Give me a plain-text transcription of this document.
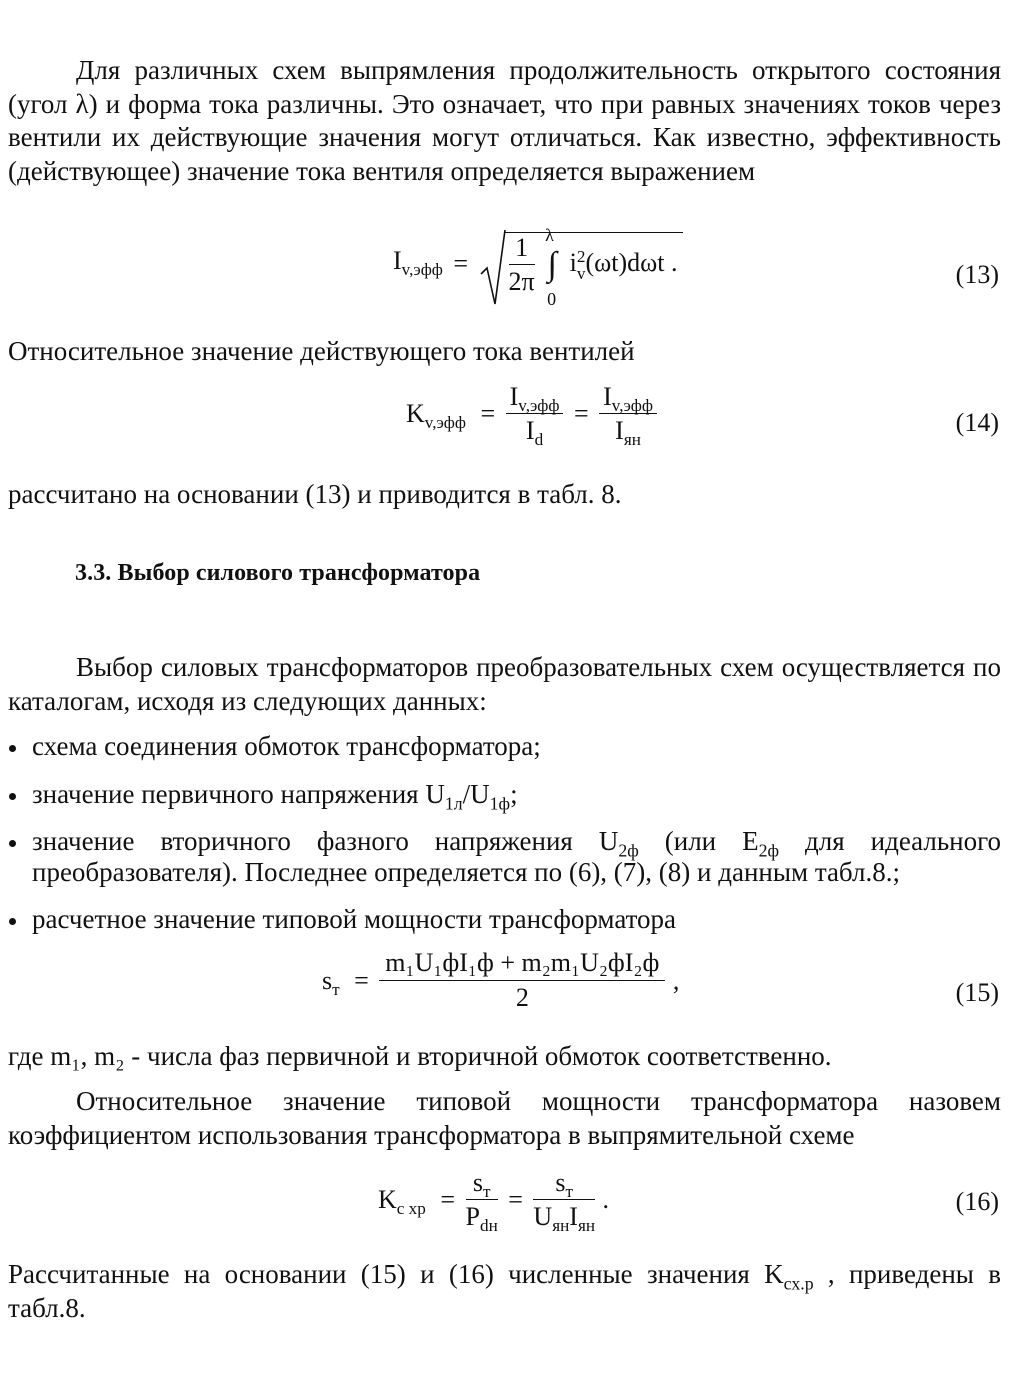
Для различных схем выпрямления продолжительность открытого состояния (угол λ) и форма тока различны. Это означает, что при равных значениях токов через вентили их действующие значения могут отличаться. Как известно, эффективность (действующее) значение тока вентиля определяется выражением

$I_{v,эфф} = \frac{1}{2\pi}$
λ
∫
0
i 2
v (ωt)dωt .	(13)

Относительное значение действующего тока вентилей

$K_{v,эфф} = \frac{I_{v,эфф}}{I_d} = \frac{I_{v,эфф}}{I_{ян}}$	(14)

рассчитано на основании (13) и приводится в табл. 8.

3.3. Выбор силового трансформатора

Выбор силовых трансформаторов преобразовательных схем осуществляется по каталогам, исходя из следующих данных:

схема соединения обмоток трансформатора;
значение первичного напряжения $U_{1л}/U_{1ф}$;
значение вторичного фазного напряжения $U_{2ф}$ (или $E_{2ф}$ для идеального преобразователя). Последнее определяется по (6), (7), (8) и данным табл.8.;
расчетное значение типовой мощности трансформатора
$s_т = \frac{\text{m₁U₁фI₁ф + m₂m₁U₂фI₂ф}}{2}$ ,	(15)

где m₁, m₂ - числа фаз первичной и вторичной обмоток соответственно.

Относительное значение типовой мощности трансформатора назовем коэффициентом использования трансформатора в выпрямительной схеме

$K_{с хр} = \frac{s_т}{P_{dн}} = \frac{s_т}{U_{ян}I_{ян}}$ .	(16)

Рассчитанные на основании (15) и (16) численные значения $K_{сх.р}$ , приведены в табл.8.
